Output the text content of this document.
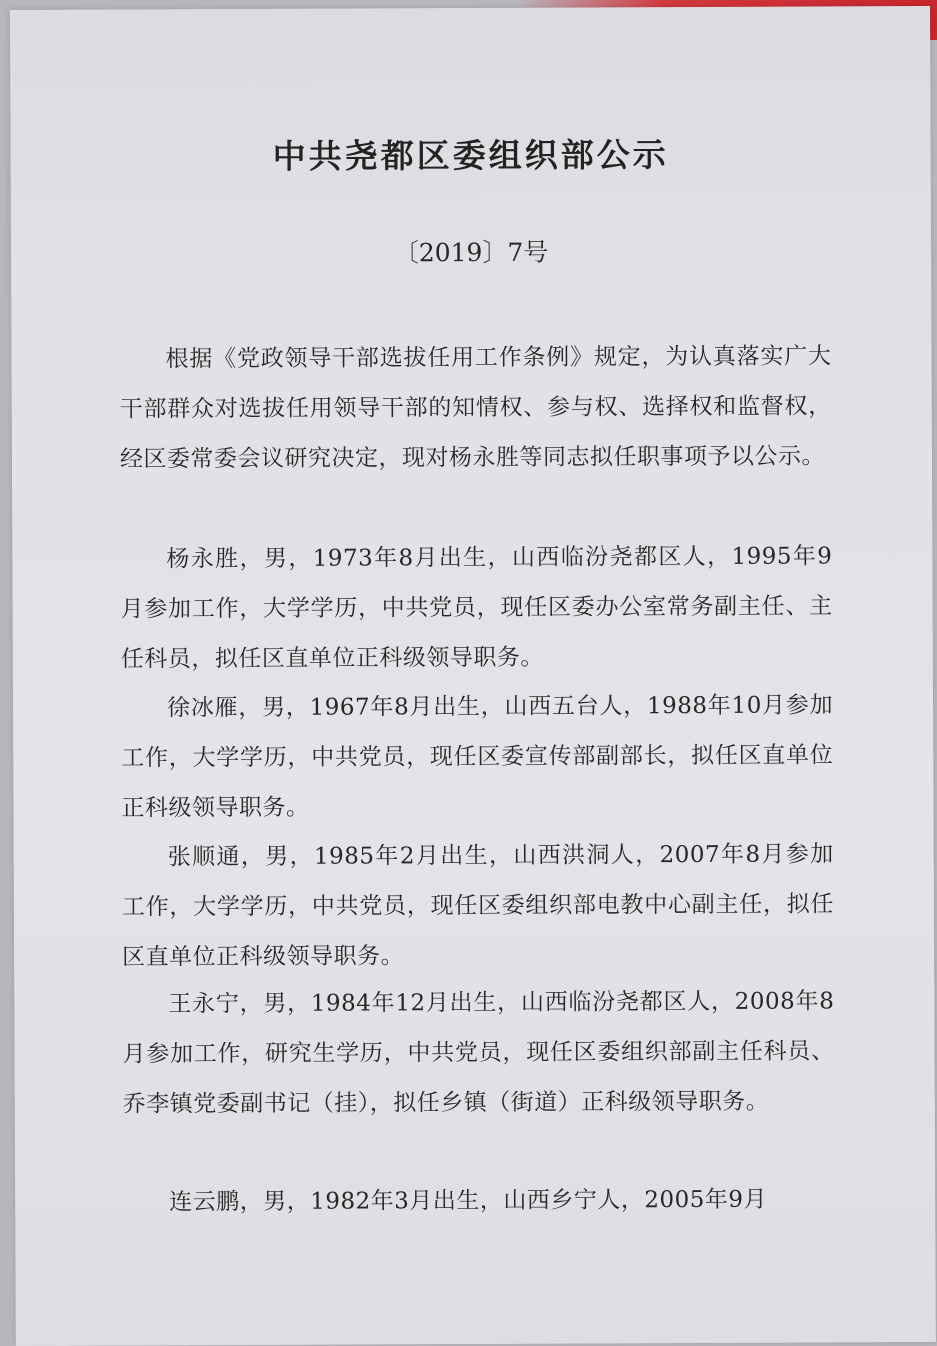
中共尧都区委组织部公示
〔2019〕7号

根据《党政领导干部选拔任用工作条例》规定，为认真落实广大干部群众对选拔任用领导干部的知情权、参与权、选择权和监督权，经区委常委会议研究决定，现对杨永胜等同志拟任职事项予以公示。

杨永胜，男，1973年8月出生，山西临汾尧都区人，1995年9月参加工作，大学学历，中共党员，现任区委办公室常务副主任、主任科员，拟任区直单位正科级领导职务。

徐冰雁，男，1967年8月出生，山西五台人，1988年10月参加工作，大学学历，中共党员，现任区委宣传部副部长，拟任区直单位正科级领导职务。

张顺通，男，1985年2月出生，山西洪洞人，2007年8月参加工作，大学学历，中共党员，现任区委组织部电教中心副主任，拟任区直单位正科级领导职务。

王永宁，男，1984年12月出生，山西临汾尧都区人，2008年8月参加工作，研究生学历，中共党员，现任区委组织部副主任科员、乔李镇党委副书记（挂），拟任乡镇（街道）正科级领导职务。

连云鹏，男，1982年3月出生，山西乡宁人，2005年9月
